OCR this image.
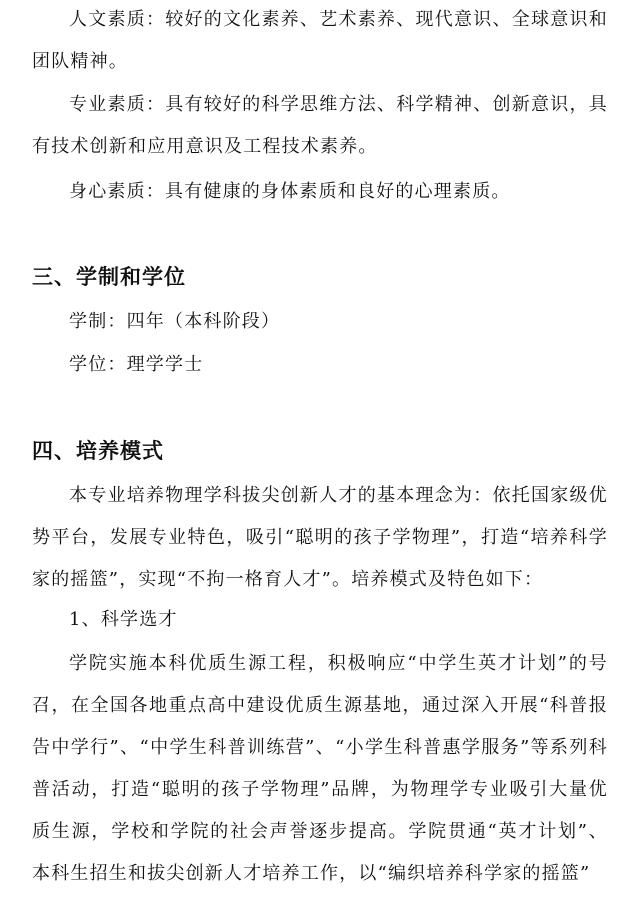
人文素质：较好的文化素养、艺术素养、现代意识、全球意识和团队精神。

专业素质：具有较好的科学思维方法、科学精神、创新意识，具有技术创新和应用意识及工程技术素养。

身心素质：具有健康的身体素质和良好的心理素质。

三、学制和学位

学制：四年（本科阶段）

学位：理学学士

四、培养模式

本专业培养物理学科拔尖创新人才的基本理念为：依托国家级优势平台，发展专业特色，吸引“聪明的孩子学物理”，打造“培养科学家的摇篮”，实现“不拘一格育人才”。培养模式及特色如下：

1、科学选才

学院实施本科优质生源工程，积极响应“中学生英才计划”的号召，在全国各地重点高中建设优质生源基地，通过深入开展“科普报告中学行”、“中学生科普训练营”、“小学生科普惠学服务”等系列科普活动，打造“聪明的孩子学物理”品牌，为物理学专业吸引大量优质生源，学校和学院的社会声誉逐步提高。学院贯通“英才计划”、本科生招生和拔尖创新人才培养工作，以“编织培养科学家的摇篮”
